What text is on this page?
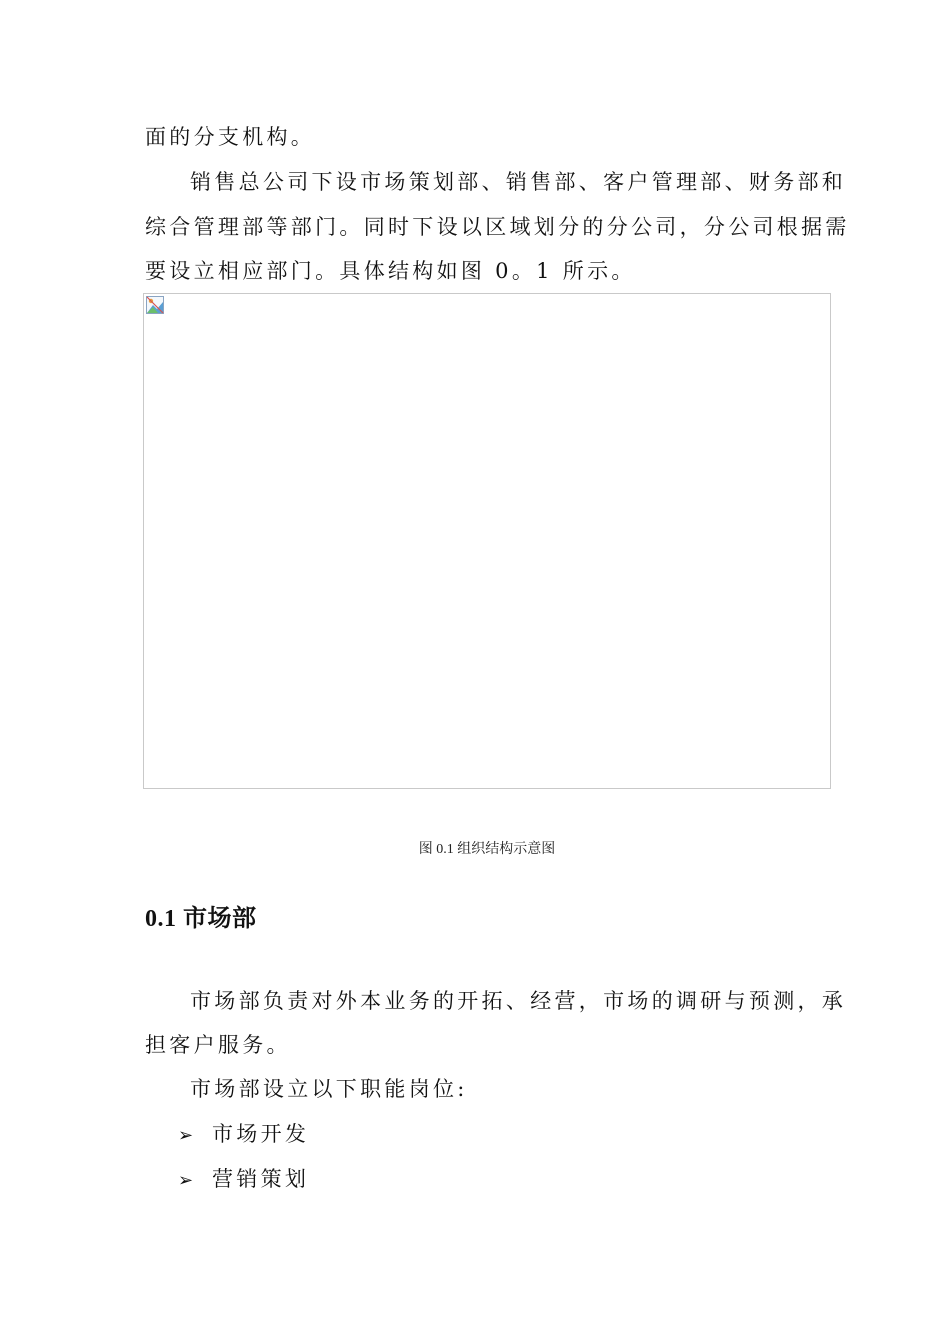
面的分支机构。

销售总公司下设市场策划部、销售部、客户管理部、财务部和

综合管理部等部门。同时下设以区域划分的分公司，分公司根据需

要设立相应部门。具体结构如图 0。1 所示。

图 0.1 组织结构示意图
0.1 市场部

市场部负责对外本业务的开拓、经营，市场的调研与预测，承

担客户服务。

市场部设立以下职能岗位:

➢ 市场开发
➢ 营销策划
